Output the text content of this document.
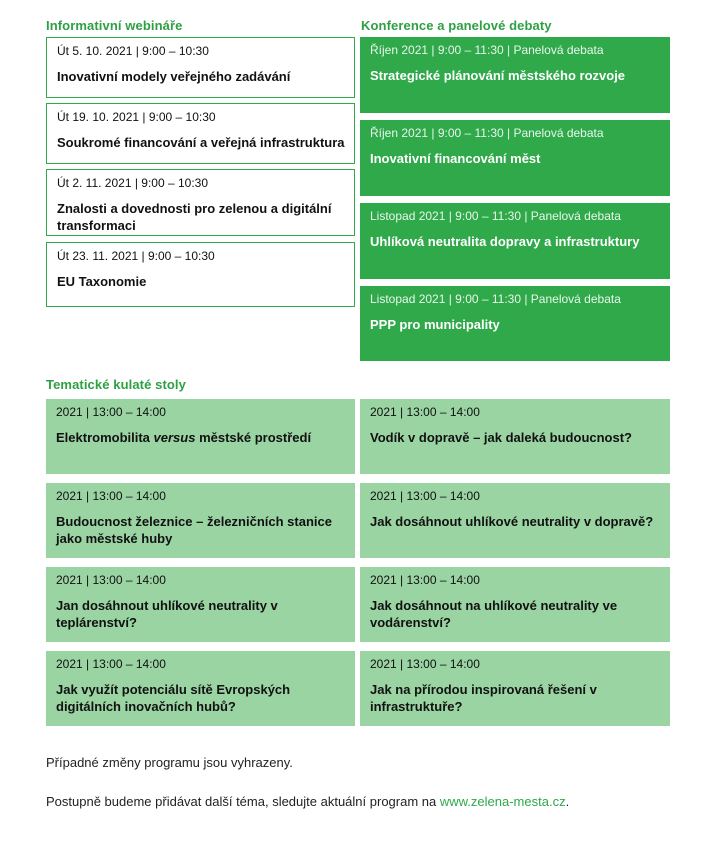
Informativní webináře	Konference a panelové debaty
Tematické kulaté stoly
Út 5. 10. 2021 | 9:00 – 10:30
Inovativní modely veřejného zadávání
Út 19. 10. 2021 | 9:00 – 10:30
Soukromé financování a veřejná infrastruktura
Út 2. 11. 2021 | 9:00 – 10:30
Znalosti a dovednosti pro zelenou a digitální transformaci
Út 23. 11. 2021 | 9:00 – 10:30
EU Taxonomie
Říjen 2021 | 9:00 – 11:30 | Panelová debata
Strategické plánování městského rozvoje
Říjen 2021 | 9:00 – 11:30 | Panelová debata
Inovativní financování měst
Listopad 2021 | 9:00 – 11:30 | Panelová debata
Uhlíková neutralita dopravy a infrastruktury
Listopad 2021 | 9:00 – 11:30 | Panelová debata
PPP pro municipality
2021 | 13:00 – 14:00
Elektromobilita versus městské prostředí
2021 | 13:00 – 14:00
Vodík v dopravě – jak daleká budoucnost?
2021 | 13:00 – 14:00
Budoucnost železnice – železničních stanice jako městské huby
2021 | 13:00 – 14:00
Jak dosáhnout uhlíkové neutrality v dopravě?
2021 | 13:00 – 14:00
Jan dosáhnout uhlíkové neutrality v teplárenství?
2021 | 13:00 – 14:00
Jak dosáhnout na uhlíkové neutrality ve vodárenství?
2021 | 13:00 – 14:00
Jak využít potenciálu sítě Evropských digitálních inovačních hubů?
2021 | 13:00 – 14:00
Jak na přírodou inspirovaná řešení v infrastruktuře?
Případné změny programu jsou vyhrazeny.
Postupně budeme přidávat další téma, sledujte aktuální program na www.zelena-mesta.cz.
